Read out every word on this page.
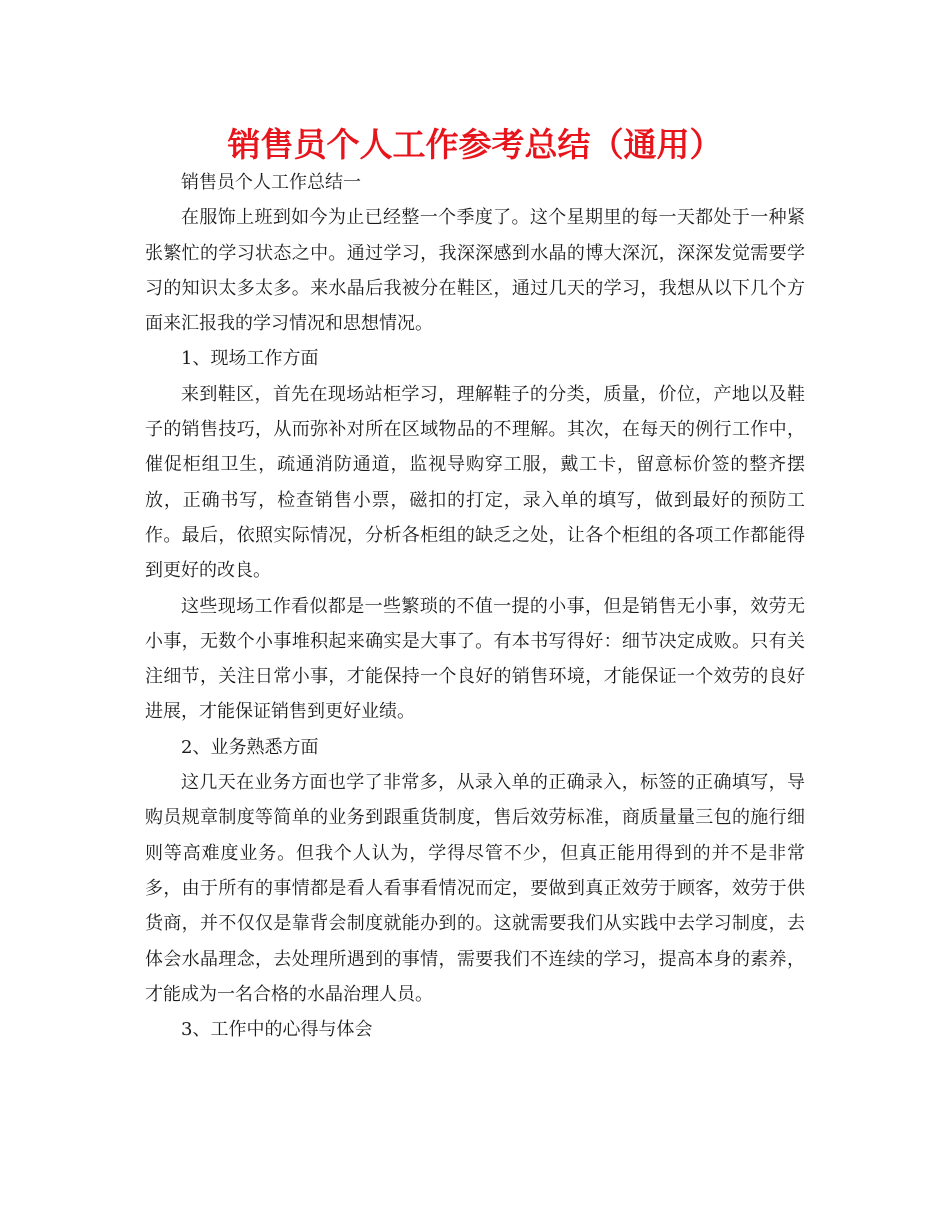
销售员个人工作参考总结（通用）

销售员个人工作总结一

在服饰上班到如今为止已经整一个季度了。这个星期里的每一天都处于一种紧张繁忙的学习状态之中。通过学习，我深深感到水晶的博大深沉，深深发觉需要学习的知识太多太多。来水晶后我被分在鞋区，通过几天的学习，我想从以下几个方面来汇报我的学习情况和思想情况。

1、现场工作方面

来到鞋区，首先在现场站柜学习，理解鞋子的分类，质量，价位，产地以及鞋子的销售技巧，从而弥补对所在区域物品的不理解。其次，在每天的例行工作中，催促柜组卫生，疏通消防通道，监视导购穿工服，戴工卡，留意标价签的整齐摆放，正确书写，检查销售小票，磁扣的打定，录入单的填写，做到最好的预防工作。最后，依照实际情况，分析各柜组的缺乏之处，让各个柜组的各项工作都能得到更好的改良。

这些现场工作看似都是一些繁琐的不值一提的小事，但是销售无小事，效劳无小事，无数个小事堆积起来确实是大事了。有本书写得好：细节决定成败。只有关注细节，关注日常小事，才能保持一个良好的销售环境，才能保证一个效劳的良好进展，才能保证销售到更好业绩。

2、业务熟悉方面

这几天在业务方面也学了非常多，从录入单的正确录入，标签的正确填写，导购员规章制度等简单的业务到跟重货制度，售后效劳标准，商质量量三包的施行细则等高难度业务。但我个人认为，学得尽管不少，但真正能用得到的并不是非常多，由于所有的事情都是看人看事看情况而定，要做到真正效劳于顾客，效劳于供货商，并不仅仅是靠背会制度就能办到的。这就需要我们从实践中去学习制度，去体会水晶理念，去处理所遇到的事情，需要我们不连续的学习，提高本身的素养，才能成为一名合格的水晶治理人员。

3、工作中的心得与体会
